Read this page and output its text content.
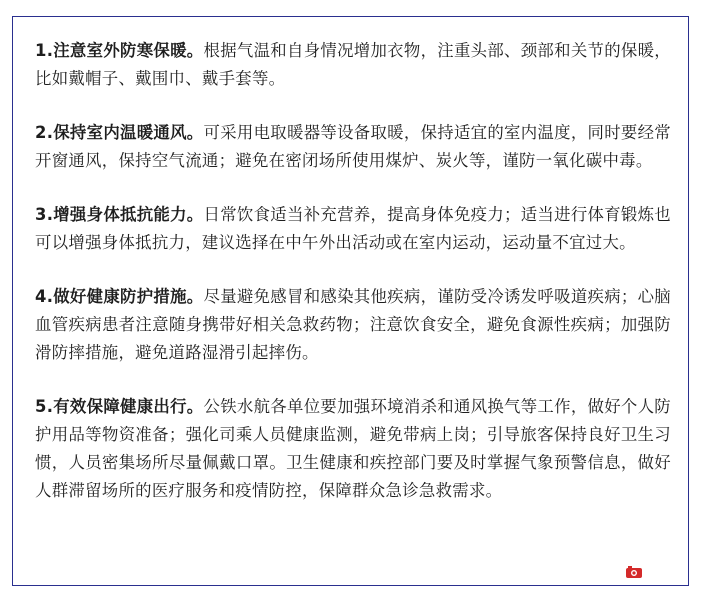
1.注意室外防寒保暖。根据气温和自身情况增加衣物，注重头部、颈部和关节的保暖，比如戴帽子、戴围巾、戴手套等。

2.保持室内温暖通风。可采用电取暖器等设备取暖，保持适宜的室内温度，同时要经常开窗通风，保持空气流通；避免在密闭场所使用煤炉、炭火等，谨防一氧化碳中毒。

3.增强身体抵抗能力。日常饮食适当补充营养，提高身体免疫力；适当进行体育锻炼也可以增强身体抵抗力，建议选择在中午外出活动或在室内运动，运动量不宜过大。

4.做好健康防护措施。尽量避免感冒和感染其他疾病，谨防受冷诱发呼吸道疾病；心脑血管疾病患者注意随身携带好相关急救药物；注意饮食安全，避免食源性疾病；加强防滑防摔措施，避免道路湿滑引起摔伤。

5.有效保障健康出行。公铁水航各单位要加强环境消杀和通风换气等工作，做好个人防护用品等物资准备；强化司乘人员健康监测，避免带病上岗；引导旅客保持良好卫生习惯，人员密集场所尽量佩戴口罩。卫生健康和疾控部门要及时掌握气象预警信息，做好人群滞留场所的医疗服务和疫情防控，保障群众急诊急救需求。
